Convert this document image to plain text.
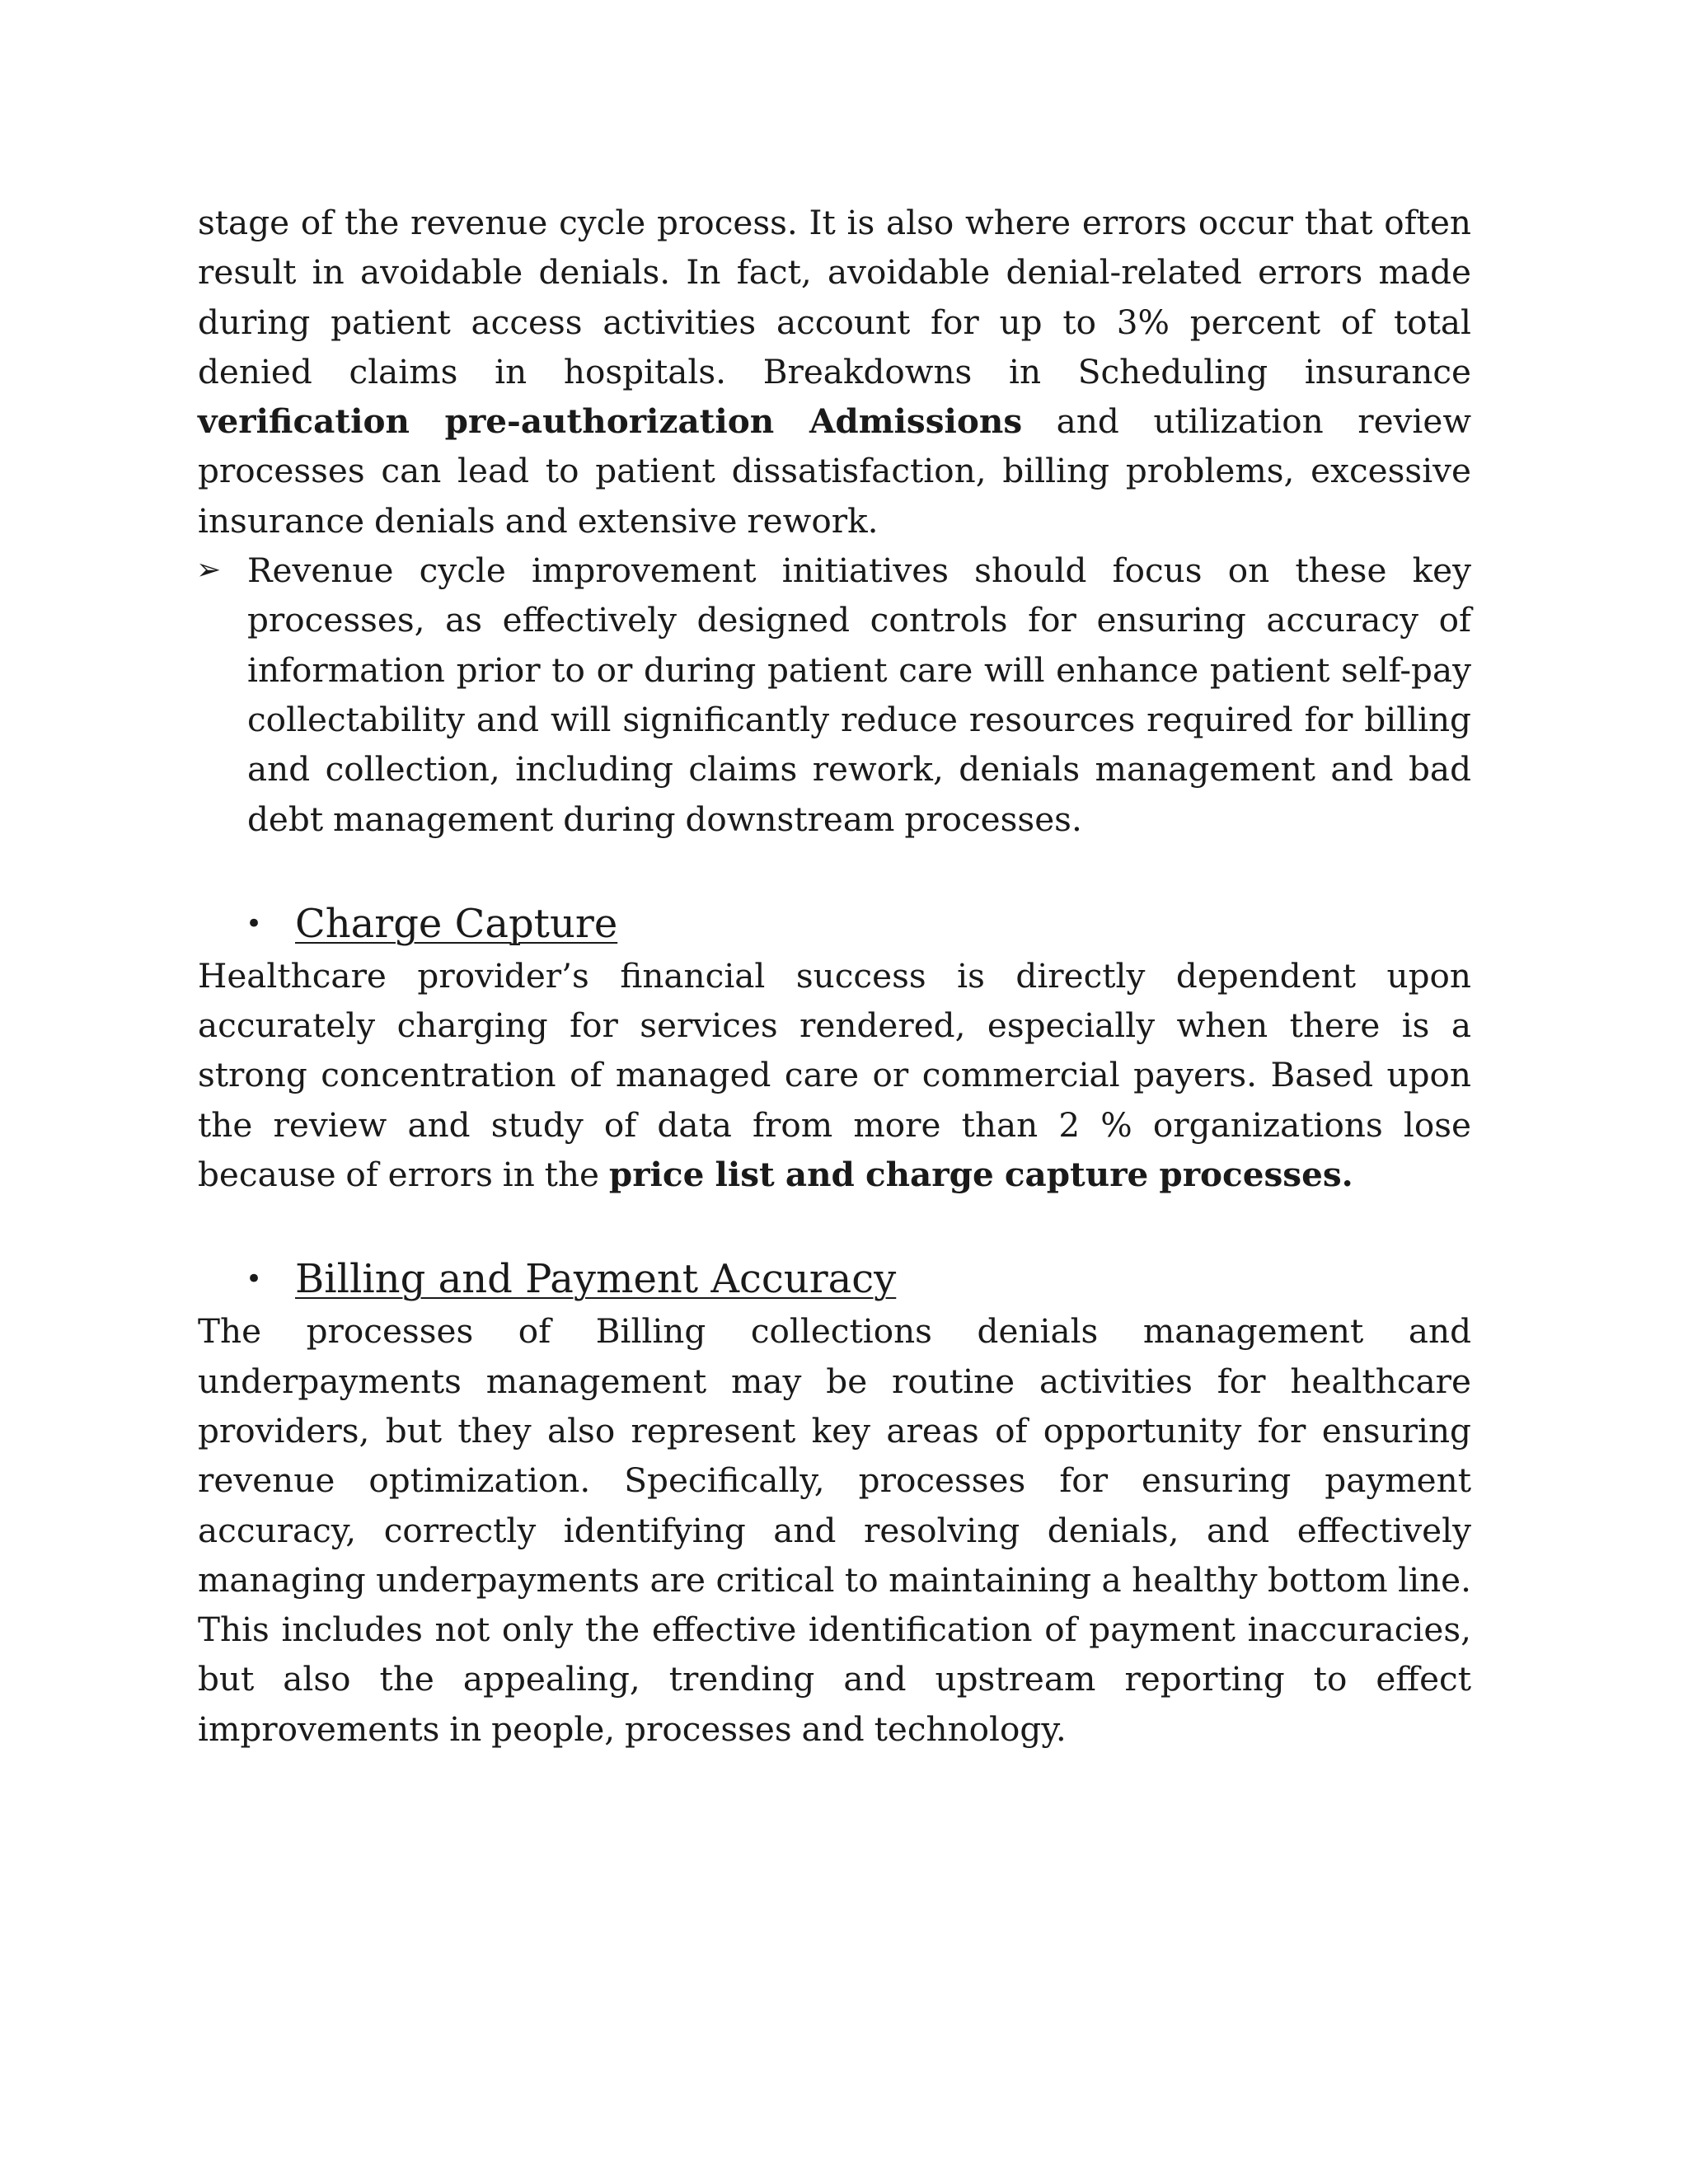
stage of the revenue cycle process. It is also where errors occur that often result in avoidable denials. In fact, avoidable denial-related errors made during patient access activities account for up to 3% percent of total denied claims in hospitals. Breakdowns in Scheduling insurance verification pre-authorization Admissions and utilization review processes can lead to patient dissatisfaction, billing problems, excessive insurance denials and extensive rework.

➢ Revenue cycle improvement initiatives should focus on these key processes, as effectively designed controls for ensuring accuracy of information prior to or during patient care will enhance patient self-pay collectability and will significantly reduce resources required for billing and collection, including claims rework, denials management and bad debt management during downstream processes.

• Charge Capture

Healthcare provider’s financial success is directly dependent upon accurately charging for services rendered, especially when there is a strong concentration of managed care or commercial payers. Based upon the review and study of data from more than 2 % organizations lose because of errors in the price list and charge capture processes.

• Billing and Payment Accuracy

The processes of Billing collections denials management and underpayments management may be routine activities for healthcare providers, but they also represent key areas of opportunity for ensuring revenue optimization. Specifically, processes for ensuring payment accuracy, correctly identifying and resolving denials, and effectively managing underpayments are critical to maintaining a healthy bottom line. This includes not only the effective identification of payment inaccuracies, but also the appealing, trending and upstream reporting to effect improvements in people, processes and technology.
